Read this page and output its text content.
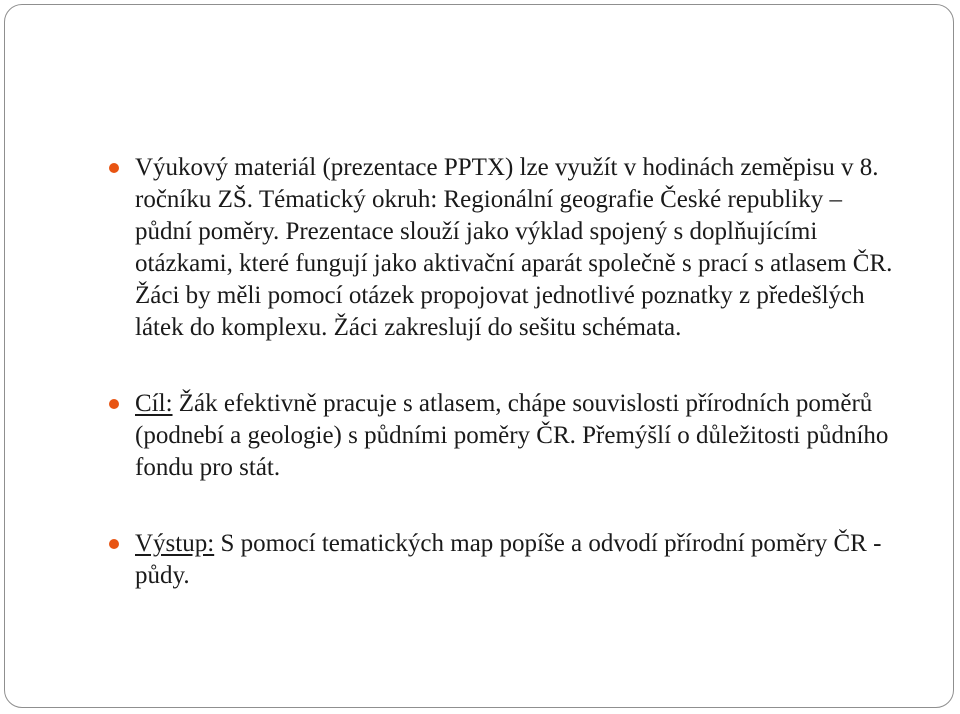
Výukový materiál (prezentace PPTX) lze využít v hodinách zeměpisu v 8. ročníku ZŠ. Tématický okruh: Regionální geografie České republiky – půdní poměry. Prezentace slouží jako výklad spojený s doplňujícími otázkami, které fungují jako aktivační aparát společně s prací s atlasem ČR. Žáci by měli pomocí otázek propojovat jednotlivé poznatky z předešlých látek do komplexu. Žáci zakreslují do sešitu schémata.
Cíl: Žák efektivně pracuje s atlasem, chápe souvislosti přírodních poměrů (podnebí a geologie) s půdními poměry ČR. Přemýšlí o důležitosti půdního fondu pro stát.
Výstup: S pomocí tematických map popíše a odvodí přírodní poměry ČR - půdy.
